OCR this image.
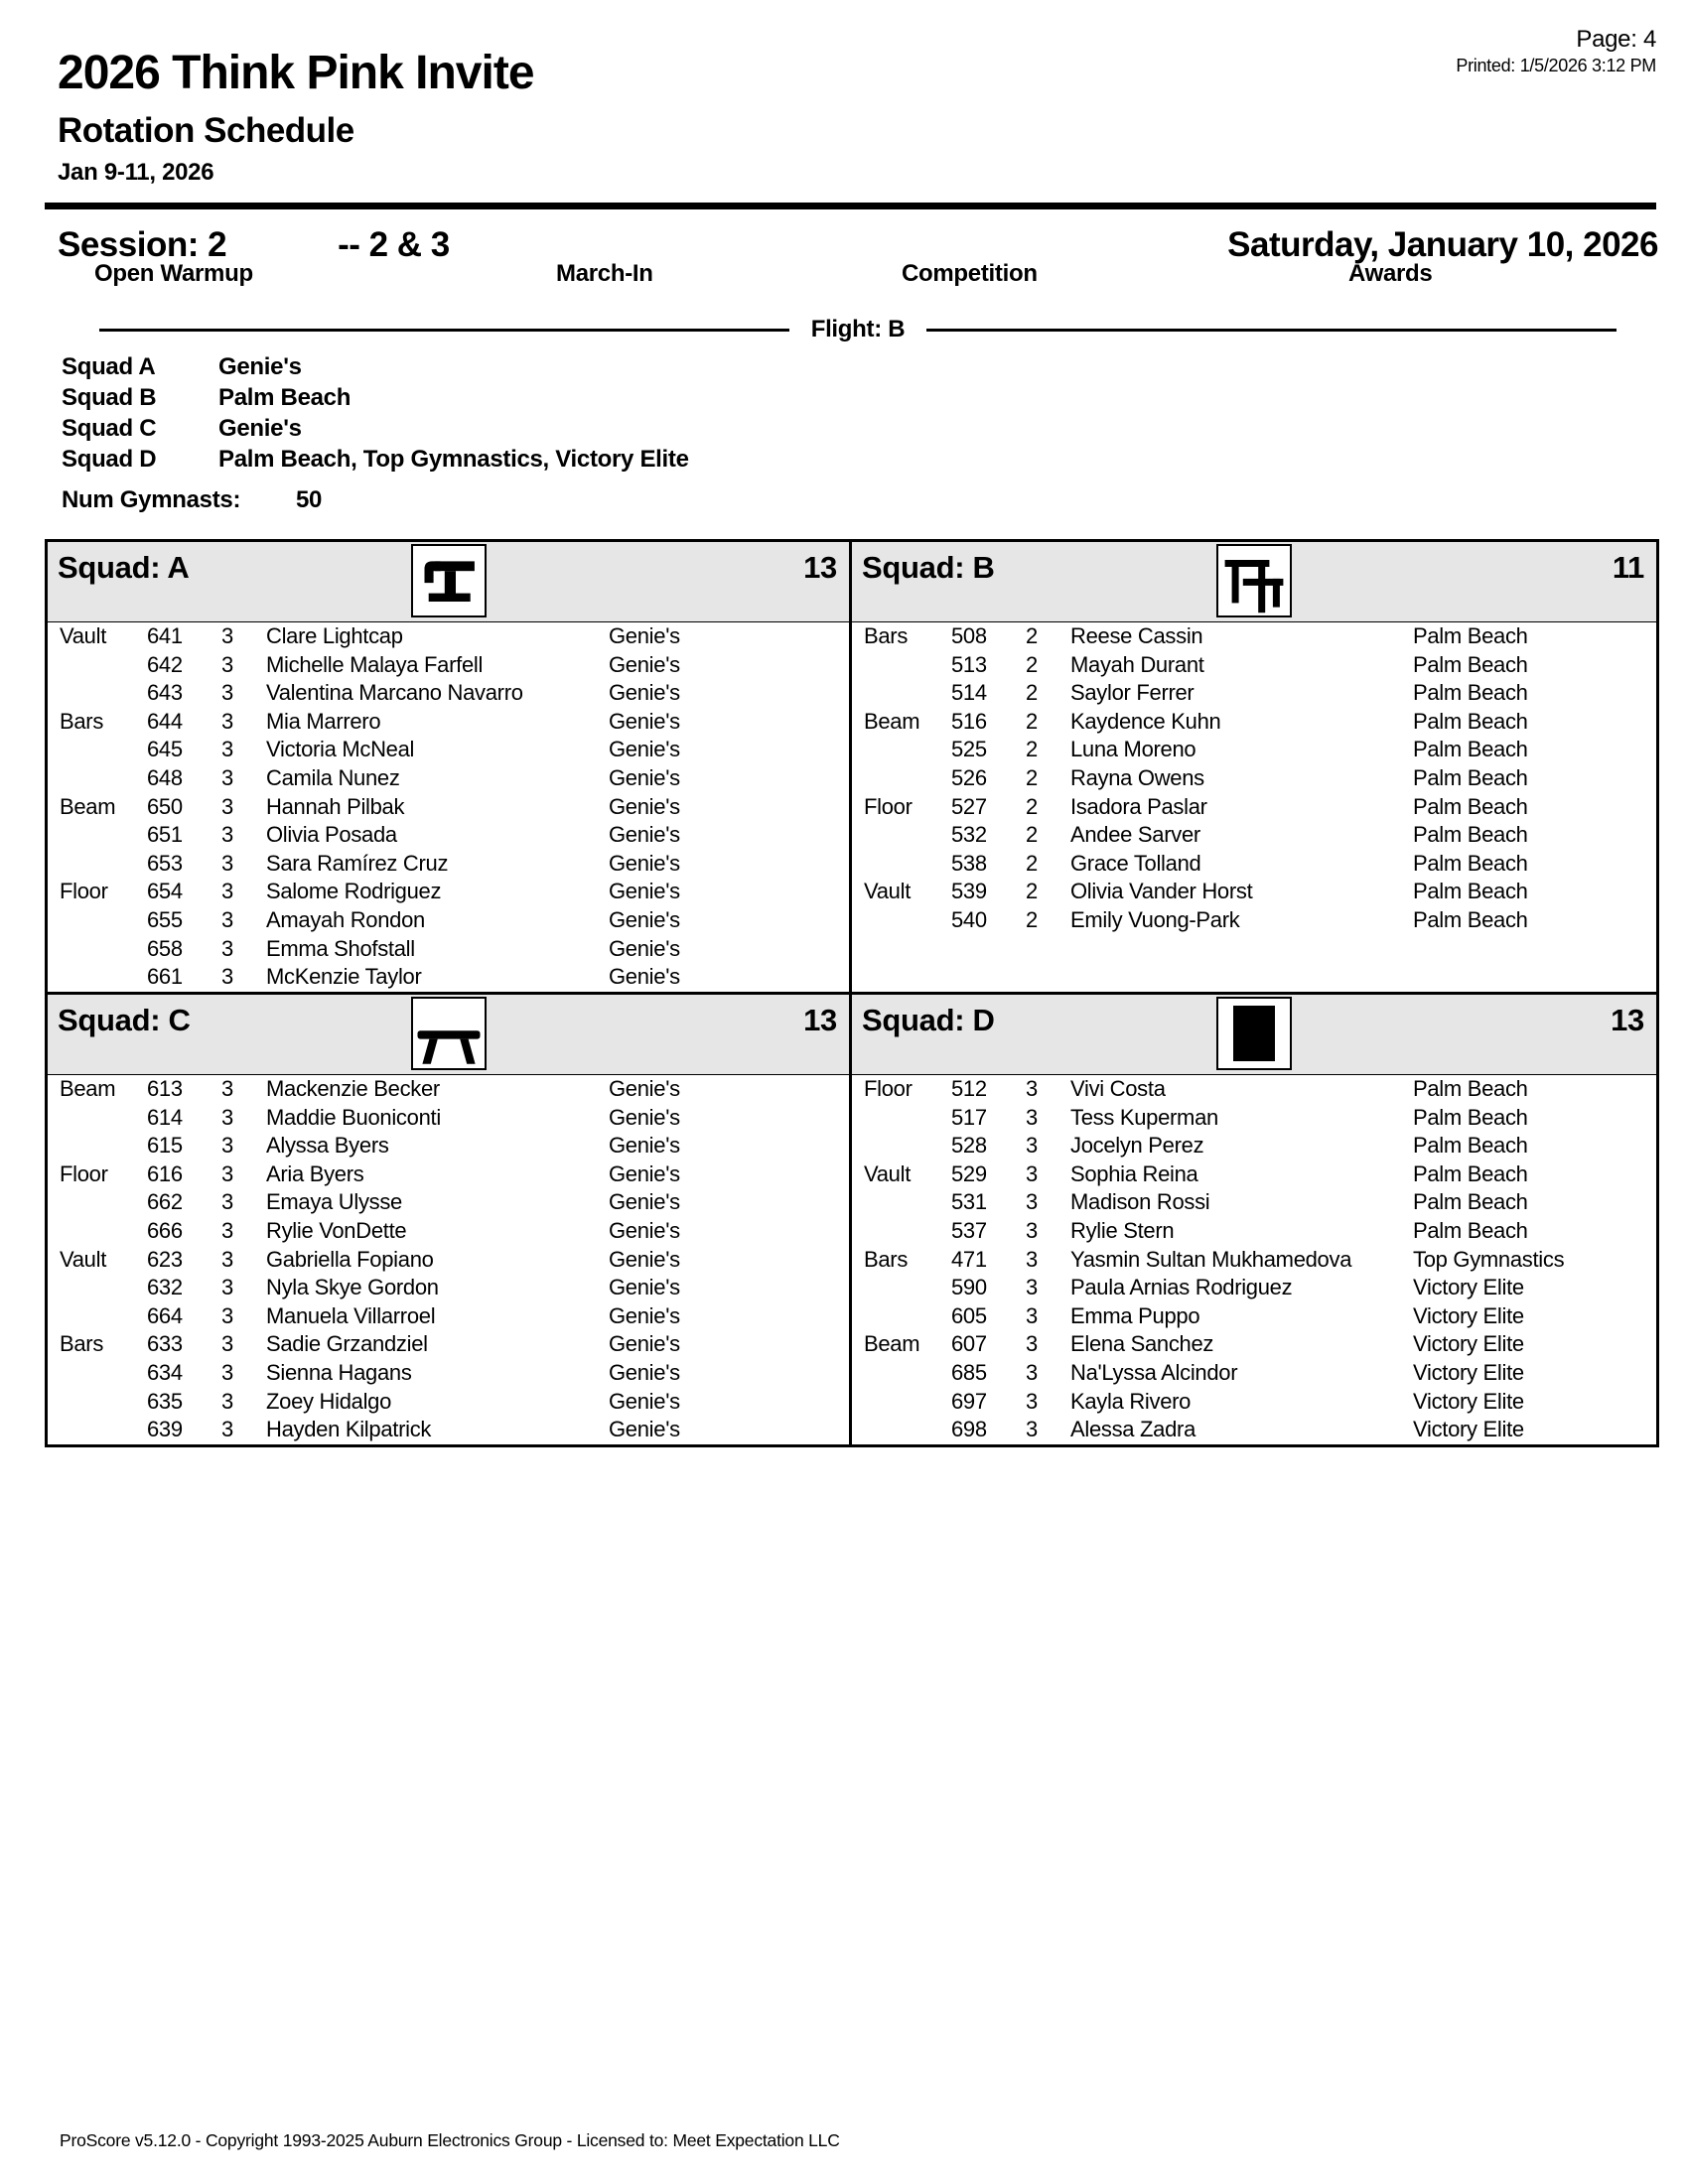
Page: 4
Printed: 1/5/2026 3:12 PM
2026 Think Pink Invite
Rotation Schedule
Jan 9-11, 2026
Session: 2	-- 2 & 3	Saturday, January 10, 2026
Open Warmup	March-In	Competition	Awards
Flight: B
Squad A	Genie's
Squad B	Palm Beach
Squad C	Genie's
Squad D	Palm Beach, Top Gymnastics, Victory Elite
Num Gymnasts: 50
Squad: A	13 Squad: B	11
Vault	641	3	Clare Lightcap	Genie's
642	3	Michelle Malaya Farfell	Genie's
643	3	Valentina Marcano Navarro	Genie's
Bars	644	3	Mia Marrero	Genie's
645	3	Victoria McNeal	Genie's
648	3	Camila Nunez	Genie's
Beam	650	3	Hannah Pilbak	Genie's
651	3	Olivia Posada	Genie's
653	3	Sara Ramírez Cruz	Genie's
Floor	654	3	Salome Rodriguez	Genie's
655	3	Amayah Rondon	Genie's
658	3	Emma Shofstall	Genie's
661	3	McKenzie Taylor	Genie's
Bars	508	2	Reese Cassin	Palm Beach
513	2	Mayah Durant	Palm Beach
514	2	Saylor Ferrer	Palm Beach
Beam	516	2	Kaydence Kuhn	Palm Beach
525	2	Luna Moreno	Palm Beach
526	2	Rayna Owens	Palm Beach
Floor	527	2	Isadora Paslar	Palm Beach
532	2	Andee Sarver	Palm Beach
538	2	Grace Tolland	Palm Beach
Vault	539	2	Olivia Vander Horst	Palm Beach
540	2	Emily Vuong-Park	Palm Beach
Squad: C	13 Squad: D	13
Beam	613	3	Mackenzie Becker	Genie's
614	3	Maddie Buoniconti	Genie's
615	3	Alyssa Byers	Genie's
Floor	616	3	Aria Byers	Genie's
662	3	Emaya Ulysse	Genie's
666	3	Rylie VonDette	Genie's
Vault	623	3	Gabriella Fopiano	Genie's
632	3	Nyla Skye Gordon	Genie's
664	3	Manuela Villarroel	Genie's
Bars	633	3	Sadie Grzandziel	Genie's
634	3	Sienna Hagans	Genie's
635	3	Zoey Hidalgo	Genie's
639	3	Hayden Kilpatrick	Genie's
Floor	512	3	Vivi Costa	Palm Beach
517	3	Tess Kuperman	Palm Beach
528	3	Jocelyn Perez	Palm Beach
Vault	529	3	Sophia Reina	Palm Beach
531	3	Madison Rossi	Palm Beach
537	3	Rylie Stern	Palm Beach
Bars	471	3	Yasmin Sultan Mukhamedova	Top Gymnastics
590	3	Paula Arnias Rodriguez	Victory Elite
605	3	Emma Puppo	Victory Elite
Beam	607	3	Elena Sanchez	Victory Elite
685	3	Na'Lyssa Alcindor	Victory Elite
697	3	Kayla Rivero	Victory Elite
698	3	Alessa Zadra	Victory Elite
ProScore v5.12.0 - Copyright 1993-2025 Auburn Electronics Group - Licensed to: Meet Expectation LLC
